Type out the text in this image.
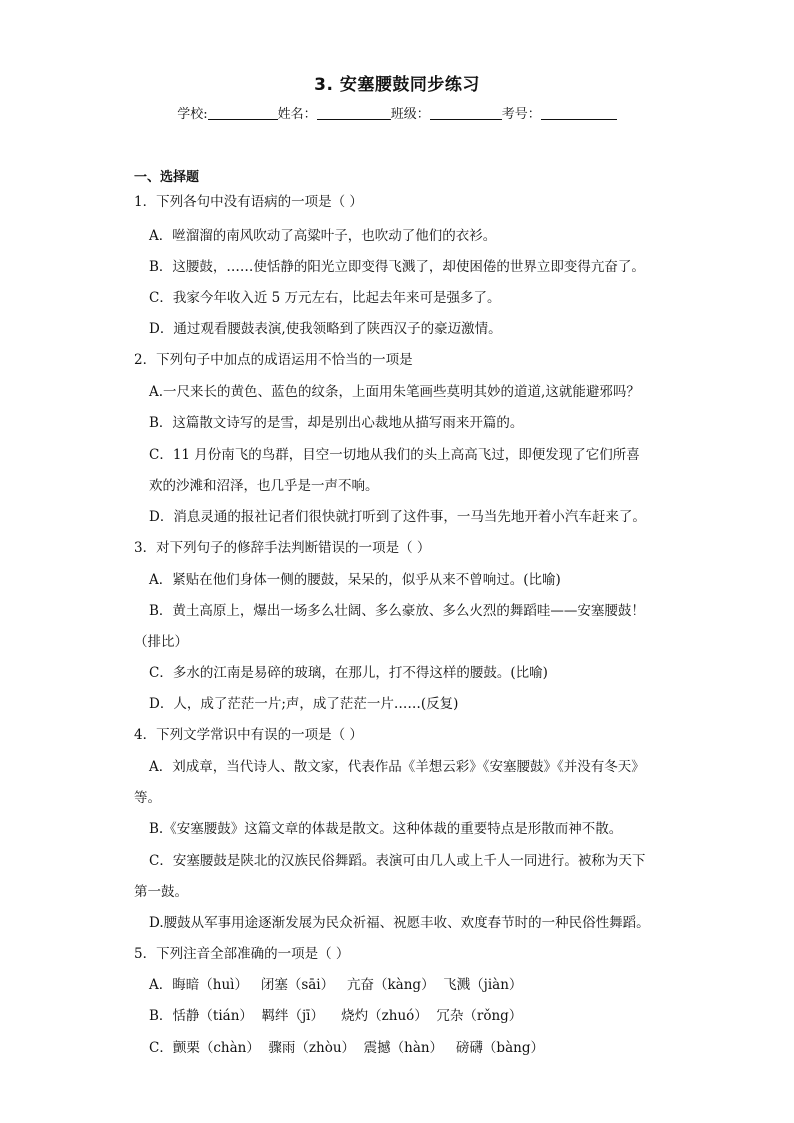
3. 安塞腰鼓同步练习
学校:	姓名：	班级：	考号：
一、选择题
1．下列各句中没有语病的一项是（ ）
A．咝溜溜的南风吹动了高粱叶子，也吹动了他们的衣衫。
B．这腰鼓，……使恬静的阳光立即变得飞溅了，却使困倦的世界立即变得亢奋了。
C．我家今年收入近 5 万元左右，比起去年来可是强多了。
D．通过观看腰鼓表演,使我领略到了陕西汉子的豪迈激情。
2．下列句子中加点的成语运用不恰当的一项是
A.一尺来长的黄色、蓝色的纹条，上面用朱笔画些莫明其妙的道道,这就能避邪吗？
B．这篇散文诗写的是雪，却是别出心裁地从描写雨来开篇的。
C．11 月份南飞的鸟群，目空一切地从我们的头上高高飞过，即便发现了它们所喜
欢的沙滩和沼泽，也几乎是一声不响。
D．消息灵通的报社记者们很快就打听到了这件事，一马当先地开着小汽车赶来了。
3．对下列句子的修辞手法判断错误的一项是（ ）
A．紧贴在他们身体一侧的腰鼓，呆呆的，似乎从来不曾响过。(比喻)
B．黄土高原上，爆出一场多么壮阔、多么豪放、多么火烈的舞蹈哇——安塞腰鼓！
（排比）
C．多水的江南是易碎的玻璃，在那儿，打不得这样的腰鼓。(比喻)
D．人，成了茫茫一片;声，成了茫茫一片……(反复)
4．下列文学常识中有误的一项是（ ）
A．刘成章，当代诗人、散文家，代表作品《羊想云彩》《安塞腰鼓》《并没有冬天》
等。
B.《安塞腰鼓》这篇文章的体裁是散文。这种体裁的重要特点是形散而神不散。
C．安塞腰鼓是陕北的汉族民俗舞蹈。表演可由几人或上千人一同进行。被称为天下
第一鼓。
D.腰鼓从军事用途逐渐发展为民众祈福、祝愿丰收、欢度春节时的一种民俗性舞蹈。
5．下列注音全部准确的一项是（ ）
A．晦暗（huì）   闭塞（sāi）   亢奋（kàng）  飞溅（jiàn）
B．恬静（tián）  羁绊（jī）    烧灼（zhuó）  冗杂（rǒng）
C．颤栗（chàn）  骤雨（zhòu）  震撼（hàn）   磅礴（bàng）
